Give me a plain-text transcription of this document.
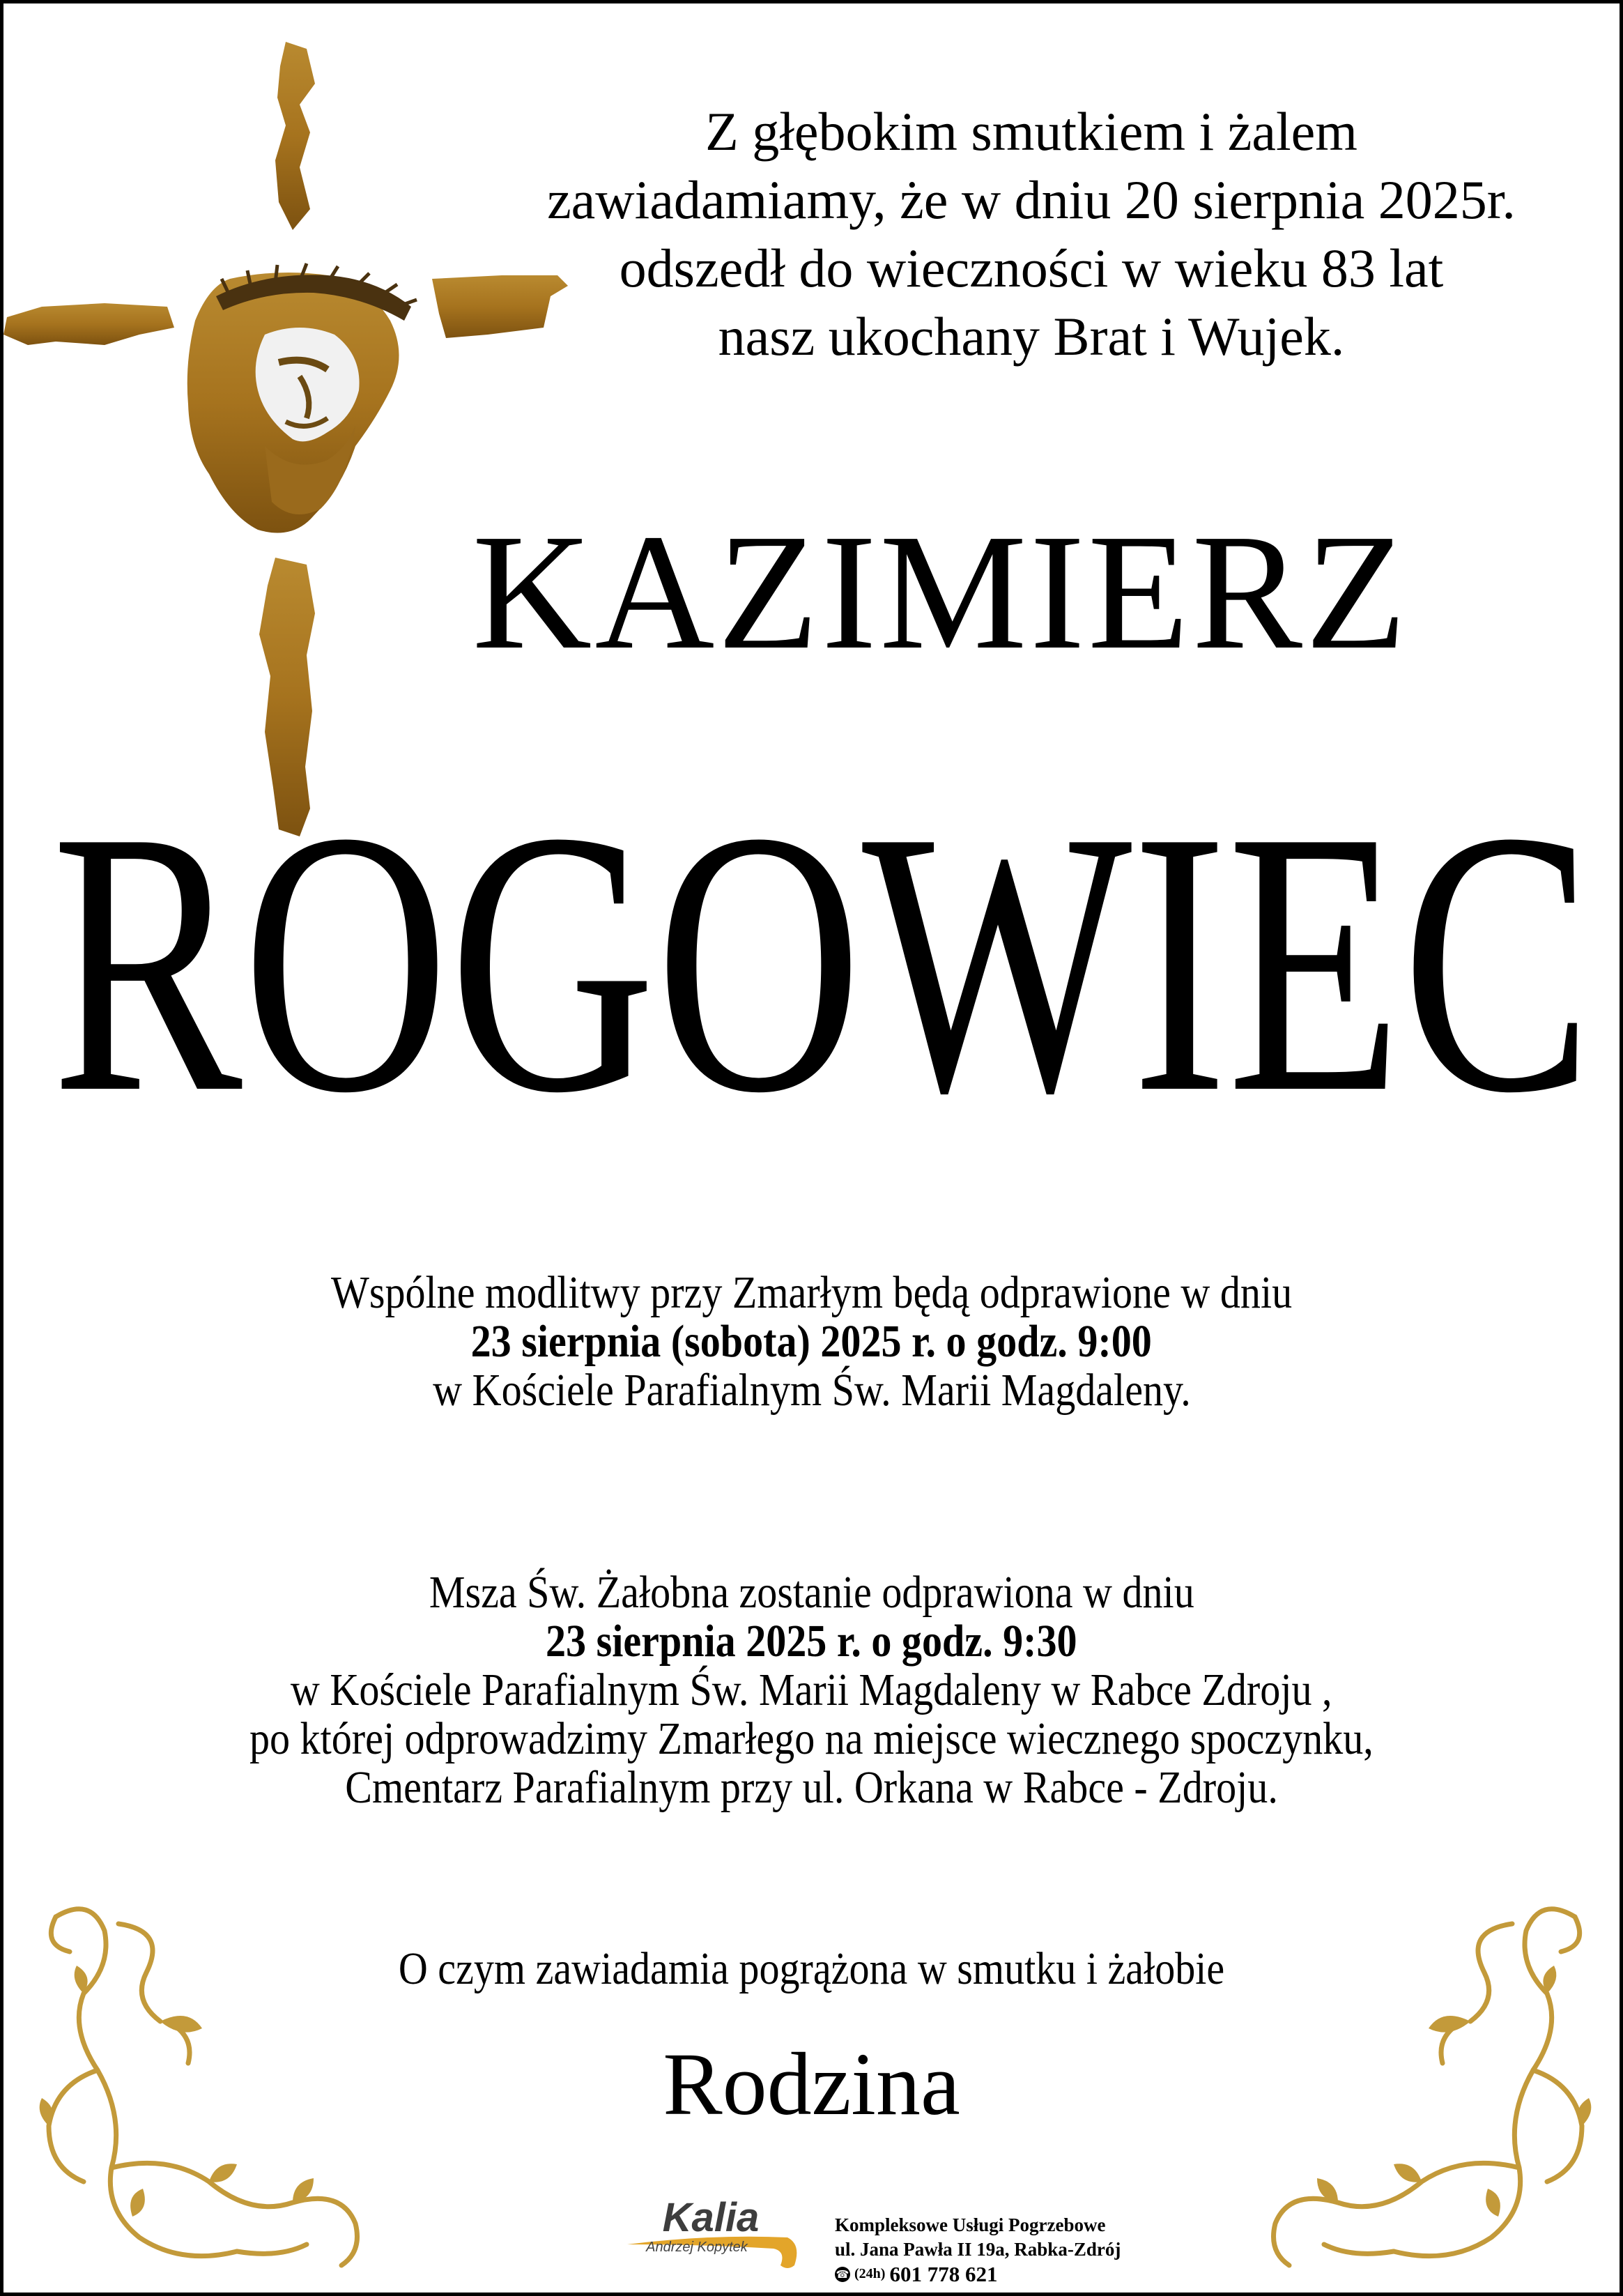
Z głębokim smutkiem i żalem
zawiadamiamy, że w dniu 20 sierpnia 2025r.
odszedł do wieczności w wieku 83 lat
nasz ukochany Brat i Wujek.
KAZIMIERZ
ROGOWIEC
Wspólne modlitwy przy Zmarłym będą odprawione w dniu
23 sierpnia (sobota) 2025 r. o godz. 9:00
w Kościele Parafialnym Św. Marii Magdaleny.
Msza Św. Żałobna zostanie odprawiona w dniu
23 sierpnia 2025 r. o godz. 9:30
w Kościele Parafialnym Św. Marii Magdaleny w Rabce Zdroju ,
po której odprowadzimy Zmarłego na miejsce wiecznego spoczynku,
Cmentarz Parafialnym przy ul. Orkana w Rabce - Zdroju.
O czym zawiadamia pogrążona w smutku i żałobie
Rodzina
Kalia
Andrzej Kopytek
Kompleksowe Usługi Pogrzebowe
ul. Jana Pawła II 19a, Rabka-Zdrój
☎ (24h) 601 778 621
